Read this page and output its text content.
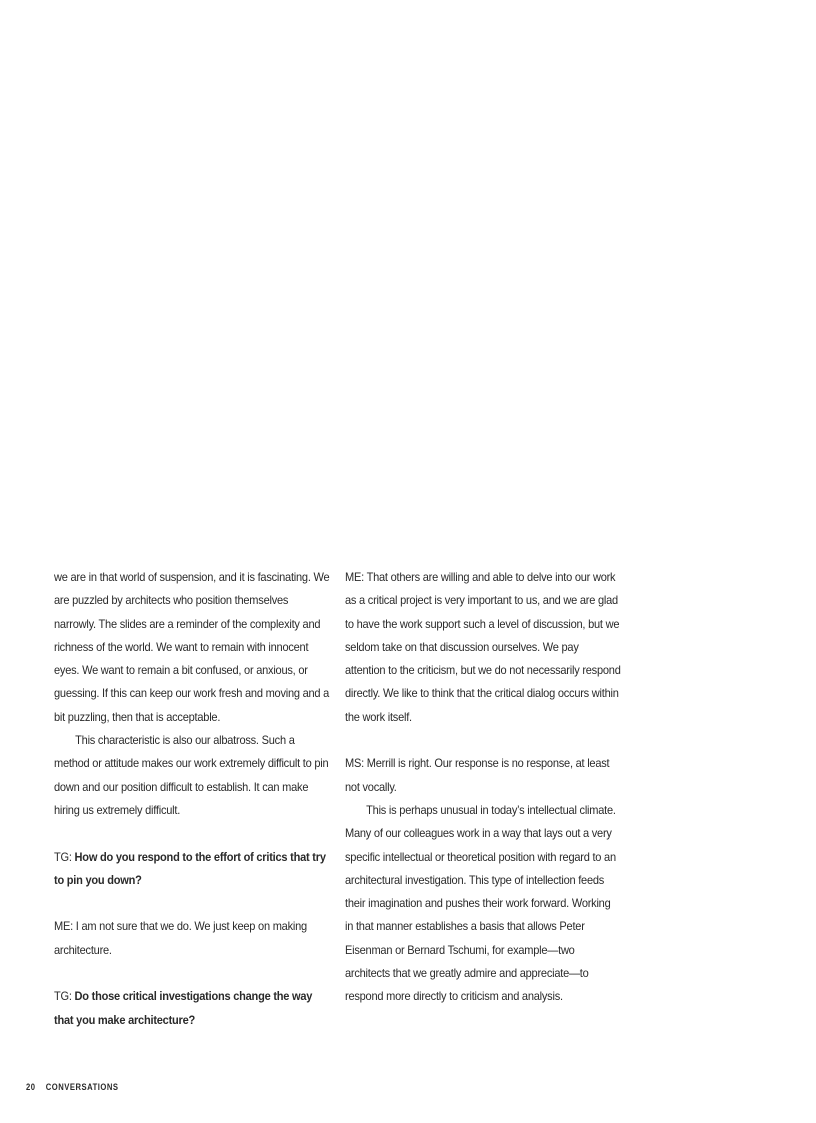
we are in that world of suspension, and it is fascinating. We are puzzled by architects who position themselves narrowly. The slides are a reminder of the complexity and richness of the world. We want to remain with innocent eyes. We want to remain a bit confused, or anxious, or guessing. If this can keep our work fresh and moving and a bit puzzling, then that is acceptable.

This characteristic is also our albatross. Such a method or attitude makes our work extremely difficult to pin down and our position difficult to establish. It can make hiring us extremely difficult.

TG: How do you respond to the effort of critics that try to pin you down?

ME: I am not sure that we do. We just keep on making architecture.

TG: Do those critical investigations change the way that you make architecture?

ME: That others are willing and able to delve into our work as a critical project is very important to us, and we are glad to have the work support such a level of discussion, but we seldom take on that discussion ourselves. We pay attention to the criticism, but we do not necessarily respond directly. We like to think that the critical dialog occurs within the work itself.

MS: Merrill is right. Our response is no response, at least not vocally.

This is perhaps unusual in today’s intellectual climate. Many of our colleagues work in a way that lays out a very specific intellectual or theoretical position with regard to an architectural investigation. This type of intellection feeds their imagination and pushes their work forward. Working in that manner establishes a basis that allows Peter Eisenman or Bernard Tschumi, for example—two architects that we greatly admire and appreciate—to respond more directly to criticism and analysis.

20 CONVERSATIONS
